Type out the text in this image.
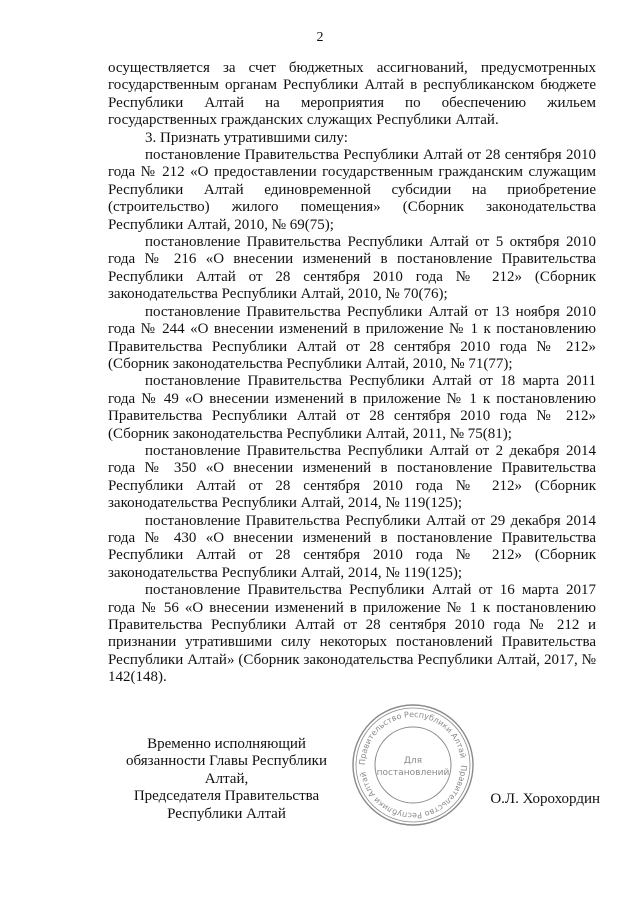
2

осуществляется за счет бюджетных ассигнований, предусмотренных государственным органам Республики Алтай в республиканском бюджете Республики Алтай на мероприятия по обеспечению жильем государственных гражданских служащих Республики Алтай.

3. Признать утратившими силу:

постановление Правительства Республики Алтай от 28 сентября 2010 года № 212 «О предоставлении государственным гражданским служащим Республики Алтай единовременной субсидии на приобретение (строительство) жилого помещения» (Сборник законодательства Республики Алтай, 2010, № 69(75);

постановление Правительства Республики Алтай от 5 октября 2010 года № 216 «О внесении изменений в постановление Правительства Республики Алтай от 28 сентября 2010 года № 212» (Сборник законодательства Республики Алтай, 2010, № 70(76);

постановление Правительства Республики Алтай от 13 ноября 2010 года № 244 «О внесении изменений в приложение № 1 к постановлению Правительства Республики Алтай от 28 сентября 2010 года № 212» (Сборник законодательства Республики Алтай, 2010, № 71(77);

постановление Правительства Республики Алтай от 18 марта 2011 года № 49 «О внесении изменений в приложение № 1 к постановлению Правительства Республики Алтай от 28 сентября 2010 года № 212» (Сборник законодательства Республики Алтай, 2011, № 75(81);

постановление Правительства Республики Алтай от 2 декабря 2014 года № 350 «О внесении изменений в постановление Правительства Республики Алтай от 28 сентября 2010 года № 212» (Сборник законодательства Республики Алтай, 2014, № 119(125);

постановление Правительства Республики Алтай от 29 декабря 2014 года № 430 «О внесении изменений в постановление Правительства Республики Алтай от 28 сентября 2010 года № 212» (Сборник законодательства Республики Алтай, 2014, № 119(125);

постановление Правительства Республики Алтай от 16 марта 2017 года № 56 «О внесении изменений в приложение № 1 к постановлению Правительства Республики Алтай от 28 сентября 2010 года № 212 и признании утратившими силу некоторых постановлений Правительства Республики Алтай» (Сборник законодательства Республики Алтай, 2017, № 142(148).

Временно исполняющий
обязанности Главы Республики Алтай,
Председателя Правительства
Республики Алтай
Правительство Республики Алтай
Правительство Республики Алтай
Для
постановлений
О.Л. Хорохордин
